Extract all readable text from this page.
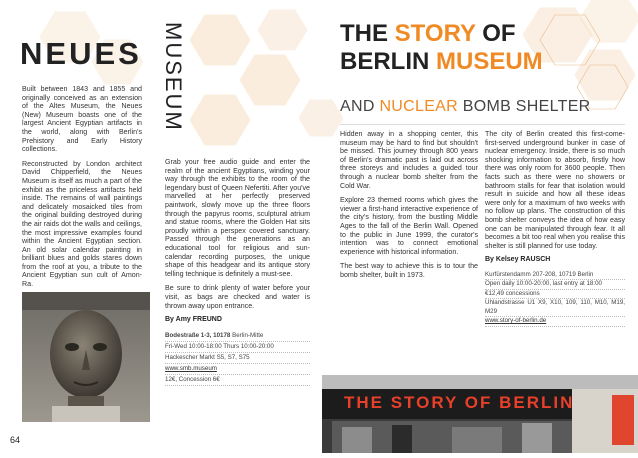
NEUES MUSEUM

Built between 1843 and 1855 and originally conceived as an extension of the Altes Museum, the Neues (New) Museum boasts one of the largest Ancient Egyptian artifacts in the world, along with Berlin's Prehistory and Early History collections.

Reconstructed by London architect David Chipperfield, the Neues Museum is itself as much a part of the exhibit as the priceless artifacts held inside. The remains of wall paintings and delicately mosaicked tiles from the original building destroyed during the air raids dot the walls and ceilings, the most impressive examples found within the Ancient Egyptian section. An old solar calendar painting in brilliant blues and golds stares down from the roof at you, a tribute to the Ancient Egyptian sun cult of Amon-Ra.

64

Grab your free audio guide and enter the realm of the ancient Egyptians, winding your way through the exhibits to the room of the legendary bust of Queen Nefertiti. After you've marvelled at her perfectly preserved paintwork, slowly move up the three floors through the papyrus rooms, sculptural atrium and statue rooms, where the Golden Hat sits proudly within a perspex covered sanctuary. Passed through the generations as an educational tool for religious and sun-calendar recording purposes, the unique shape of this headgear and its antique story telling technique is definitely a must-see.

Be sure to drink plenty of water before your visit, as bags are checked and water is thrown away upon entrance.

By Amy FREUND

Bodestraße 1-3, 10178 Berlin-Mitte
Fri-Wed 10:00-18:00 Thurs 10:00-20:00
Hackescher Markt S5, S7, S75
www.smb.museum
12€, Concession 6€
THE STORY OF
BERLIN MUSEUM
AND NUCLEAR BOMB SHELTER

Hidden away in a shopping center, this museum may be hard to find but shouldn't be missed. This journey through 800 years of Berlin's dramatic past is laid out across three storeys and includes a guided tour through a nuclear bomb shelter from the Cold War.

Explore 23 themed rooms which gives the viewer a first-hand interactive experience of the city's history, from the bustling Middle Ages to the fall of the Berlin Wall. Opened to the public in June 1999, the curator's intention was to connect emotional experience with historical information.

The best way to achieve this is to tour the bomb shelter, built in 1973.

The city of Berlin created this first-come-first-served underground bunker in case of nuclear emergency. Inside, there is so much shocking information to absorb, firstly how there was only room for 3600 people. Then facts such as there were no showers or bathroom stalls for fear that isolation would result in suicide and how all these ideas were only for a maximum of two weeks with no follow up plans. The construction of this bomb shelter conveys the idea of how easy one can be manipulated through fear. It all becomes a bit too real when you realise this shelter is still planned for use today.

By Kelsey RAUSCH

Kurfürstendamm 207-208, 10719 Berlin
Open daily 10:00-20:00, last entry at 18:00
€12,49 concessions
Uhlandstrasse U1 X9, X10, 109, 110, M10, M19, M29
www.story-of-berlin.de
THE STORY OF BERLIN
